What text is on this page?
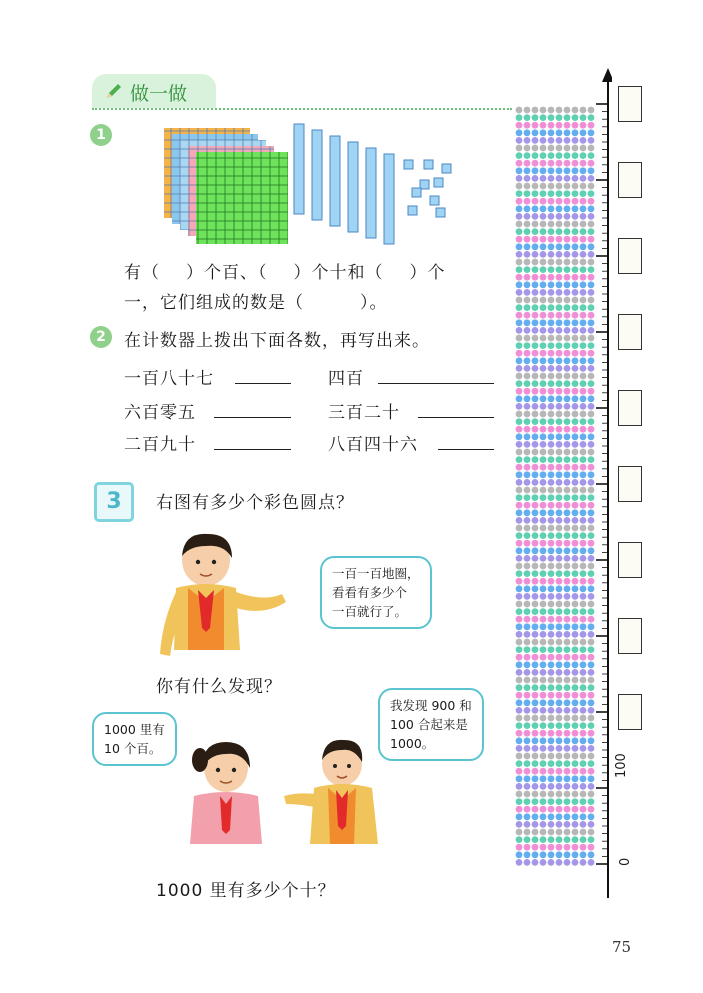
做一做
1
有（ ）个百、（ ）个十和（ ）个
一，它们组成的数是（	）。
2	在计数器上拨出下面各数，再写出来。
一百八十七	四百
六百零五	三百二十
二百九十	八百四十六
3	右图有多少个彩色圆点？
一百一百地圈，
看看有多少个
一百就行了。
你有什么发现？
1000 里有
10 个百。
我发现 900 和
100 合起来是
1000。
1000 里有多少个十？
100
0
75
